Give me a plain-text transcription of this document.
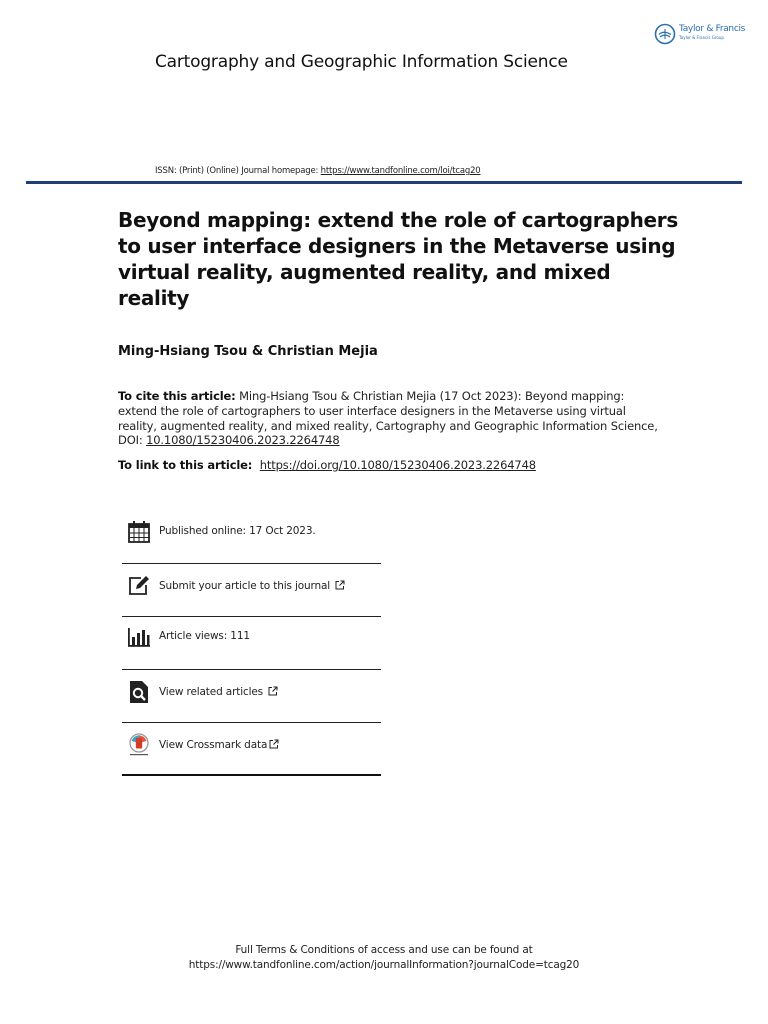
Taylor & Francis
Taylor & Francis Group
Cartography and Geographic Information Science
ISSN: (Print) (Online) Journal homepage: https://www.tandfonline.com/loi/tcag20
Beyond mapping: extend the role of cartographers to user interface designers in the Metaverse using virtual reality, augmented reality, and mixed reality
Ming-Hsiang Tsou & Christian Mejia
To cite this article: Ming-Hsiang Tsou & Christian Mejia (17 Oct 2023): Beyond mapping: extend the role of cartographers to user interface designers in the Metaverse using virtual reality, augmented reality, and mixed reality, Cartography and Geographic Information Science, DOI: 10.1080/15230406.2023.2264748
To link to this article: https://doi.org/10.1080/15230406.2023.2264748
Published online: 17 Oct 2023.
Submit your article to this journal
Article views: 111
View related articles
View Crossmark data
Full Terms & Conditions of access and use can be found at
https://www.tandfonline.com/action/journalInformation?journalCode=tcag20
